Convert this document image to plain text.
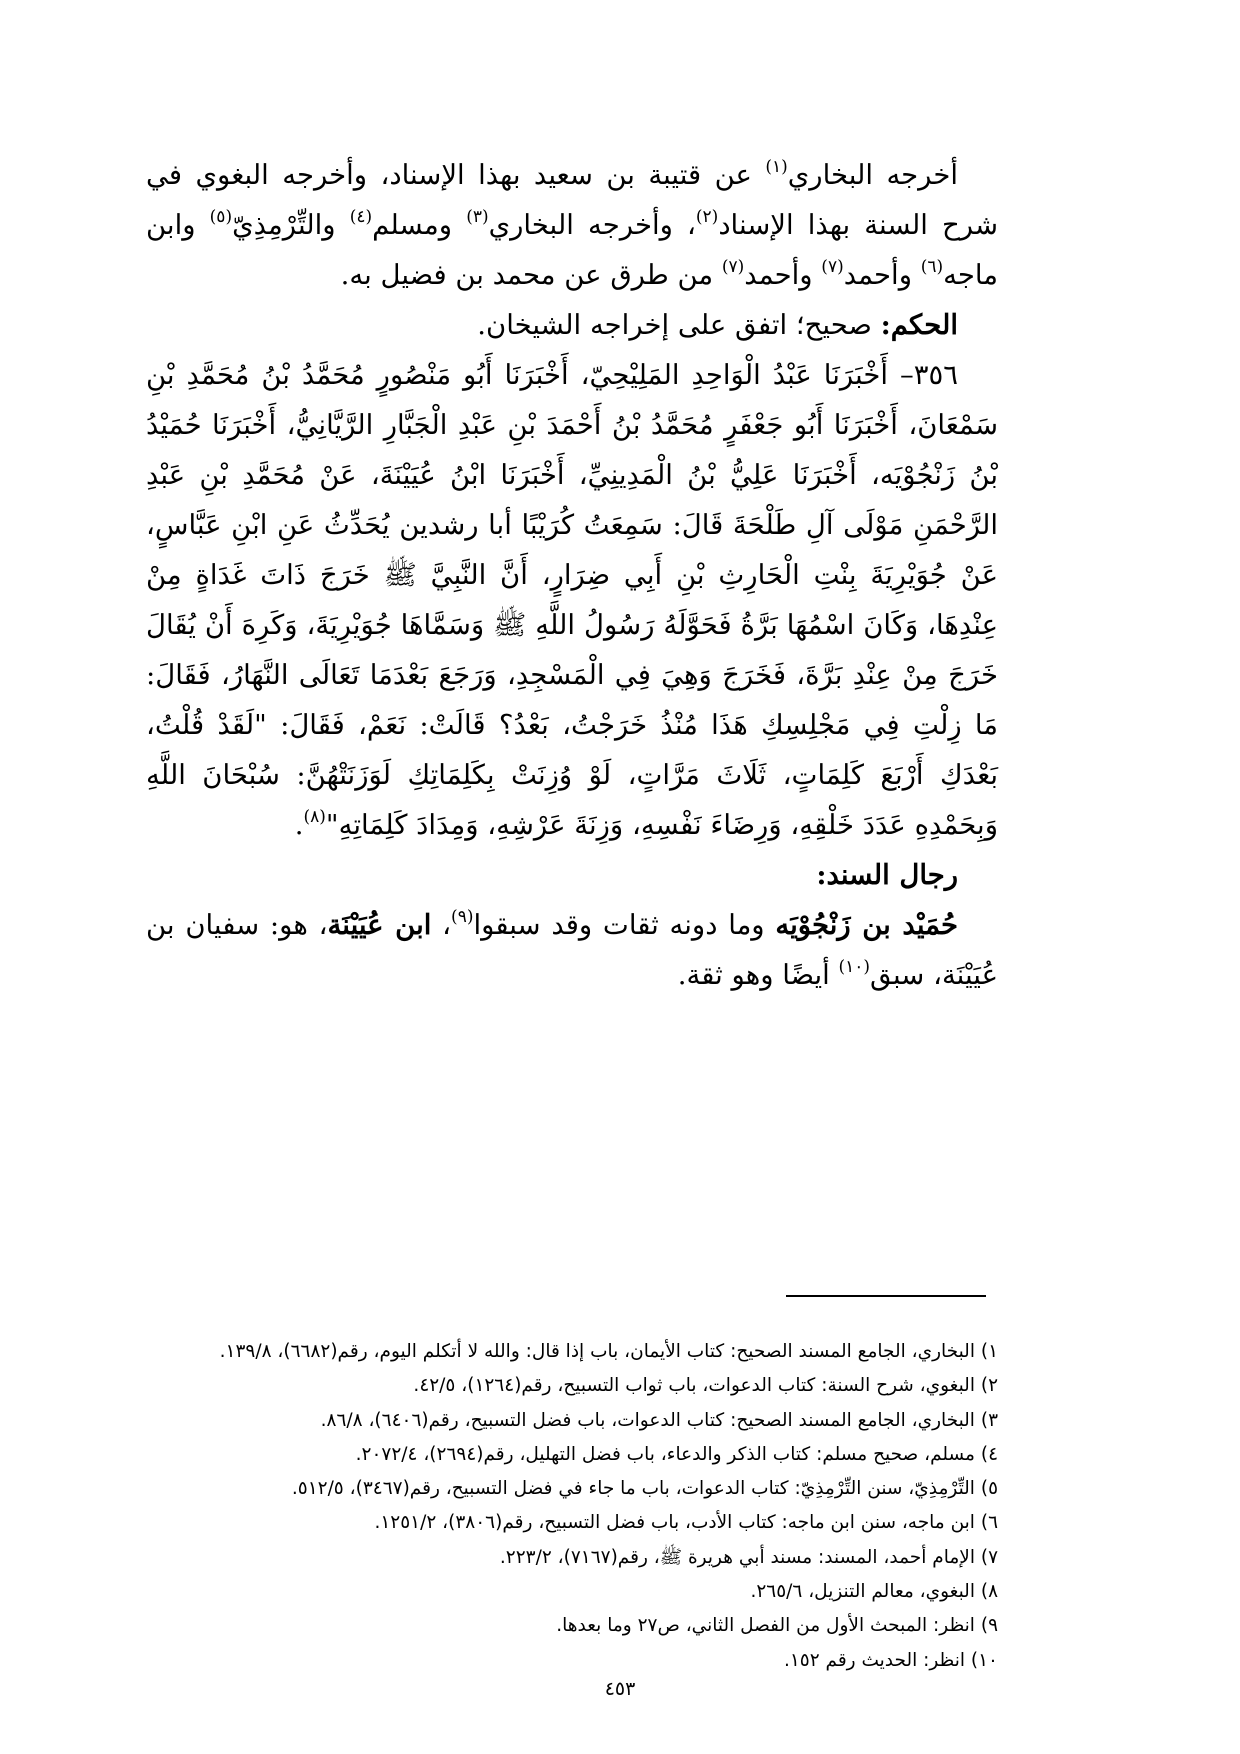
أخرجه البخاري$^{(١)}$ عن قتيبة بن سعيد بهذا الإسناد، وأخرجه البغوي في شرح السنة بهذا الإسناد$^{(٢)}$، وأخرجه البخاري$^{(٣)}$ ومسلم$^{(٤)}$ والتِّرْمِذِيّ$^{(٥)}$ وابن ماجه$^{(٦)}$ وأحمد$^{(٧)}$ وأحمد$^{(٧)}$ من طرق عن محمد بن فضيل به.

الحكم: صحيح؛ اتفق على إخراجه الشيخان.

٣٥٦– أَخْبَرَنَا عَبْدُ الْوَاحِدِ المَلِيْحِيّ، أَخْبَرَنَا أَبُو مَنْصُورٍ مُحَمَّدُ بْنُ مُحَمَّدِ بْنِ سَمْعَانَ، أَخْبَرَنَا أَبُو جَعْفَرٍ مُحَمَّدُ بْنُ أَحْمَدَ بْنِ عَبْدِ الْجَبَّارِ الرَّيَّانِيُّ، أَخْبَرَنَا حُمَيْدُ بْنُ زَنْجُوْيَه، أَخْبَرَنَا عَلِيُّ بْنُ الْمَدِينِيِّ، أَخْبَرَنَا ابْنُ عُيَيْنَةَ، عَنْ مُحَمَّدِ بْنِ عَبْدِ الرَّحْمَنِ مَوْلَى آلِ طَلْحَةَ قَالَ: سَمِعَتُ كُرَيْبًا أبا رشدين يُحَدِّثُ عَنِ ابْنِ عَبَّاسٍ، عَنْ جُوَيْرِيَةَ بِنْتِ الْحَارِثِ بْنِ أَبِي ضِرَارٍ، أَنَّ النَّبِيَّ ﷺ خَرَجَ ذَاتَ غَدَاةٍ مِنْ عِنْدِهَا، وَكَانَ اسْمُهَا بَرَّةُ فَحَوَّلَهُ رَسُولُ اللَّهِ ﷺ وَسَمَّاهَا جُوَيْرِيَةَ، وَكَرِهَ أَنْ يُقَالَ خَرَجَ مِنْ عِنْدِ بَرَّةَ، فَخَرَجَ وَهِيَ فِي الْمَسْجِدِ، وَرَجَعَ بَعْدَمَا تَعَالَى النَّهَارُ، فَقَالَ: مَا زِلْتِ فِي مَجْلِسِكِ هَذَا مُنْذُ خَرَجْتُ، بَعْدُ؟ قَالَتْ: نَعَمْ، فَقَالَ: "لَقَدْ قُلْتُ، بَعْدَكِ أَرْبَعَ كَلِمَاتٍ، ثَلَاثَ مَرَّاتٍ، لَوْ وُزِنَتْ بِكَلِمَاتِكِ لَوَزَنَتْهُنَّ: سُبْحَانَ اللَّهِ وَبِحَمْدِهِ عَدَدَ خَلْقِهِ، وَرِضَاءَ نَفْسِهِ، وَزِنَةَ عَرْشِهِ، وَمِدَادَ كَلِمَاتِهِ"$^{(٨)}$.

رجال السند:

حُمَيْد بن زَنْجُوْيَه وما دونه ثقات وقد سبقوا$^{(٩)}$، ابن عُيَيْنَة، هو: سفيان بن عُيَيْنَة، سبق$^{(١٠)}$ أيضًا وهو ثقة.

١) البخاري، الجامع المسند الصحيح: كتاب الأيمان، باب إذا قال: والله لا أتكلم اليوم، رقم(٦٦٨٢)، ١٣٩/٨.
٢) البغوي، شرح السنة: كتاب الدعوات، باب ثواب التسبيح، رقم(١٢٦٤)، ٤٢/٥.
٣) البخاري، الجامع المسند الصحيح: كتاب الدعوات، باب فضل التسبيح، رقم(٦٤٠٦)، ٨٦/٨.
٤) مسلم، صحيح مسلم: كتاب الذكر والدعاء، باب فضل التهليل، رقم(٢٦٩٤)، ٢٠٧٢/٤.
٥) التِّرْمِذِيّ، سنن التِّرْمِذِيّ: كتاب الدعوات، باب ما جاء في فضل التسبيح، رقم(٣٤٦٧)، ٥١٢/٥.
٦) ابن ماجه، سنن ابن ماجه: كتاب الأدب، باب فضل التسبيح، رقم(٣٨٠٦)، ١٢٥١/٢.
٧) الإمام أحمد، المسند: مسند أبي هريرة ﷺ، رقم(٧١٦٧)، ٢٢٣/٢.
٨) البغوي، معالم التنزيل، ٢٦٥/٦.
٩) انظر: المبحث الأول من الفصل الثاني، ص٢٧ وما بعدها.
١٠) انظر: الحديث رقم ١٥٢.
٤٥٣
